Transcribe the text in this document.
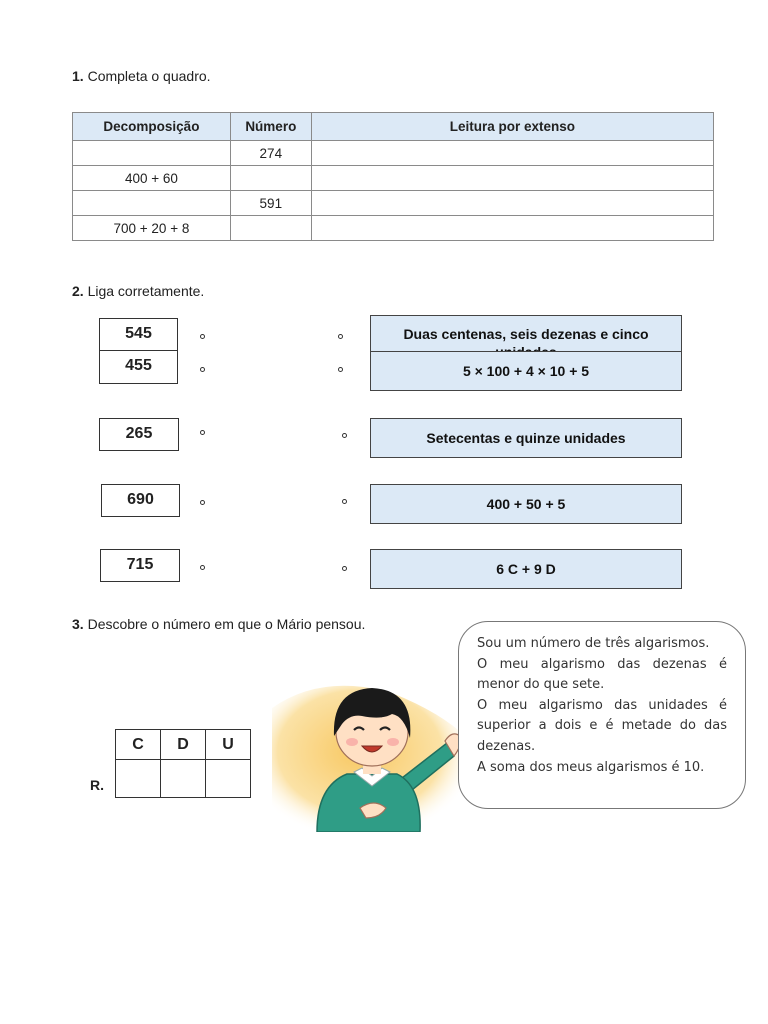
1. Completa o quadro.
Decomposição	Número	Leitura por extenso
	274	
400 + 60		
	591	
700 + 20 + 8		
2. Liga corretamente.
545
455
265
690
715
Duas centenas, seis dezenas e cinco
5 × 100 + 4 × 10 + 5
Setecentas e quinze unidades
400 + 50 + 5
6 C + 9 D
3. Descobre o número em que o Mário pensou.
C	D	U

R.
Sou um número de três algarismos.
O meu algarismo das dezenas é menor do que sete.
O meu algarismo das unidades é superior a dois e é metade do das dezenas.
A soma dos meus algarismos é 10.
